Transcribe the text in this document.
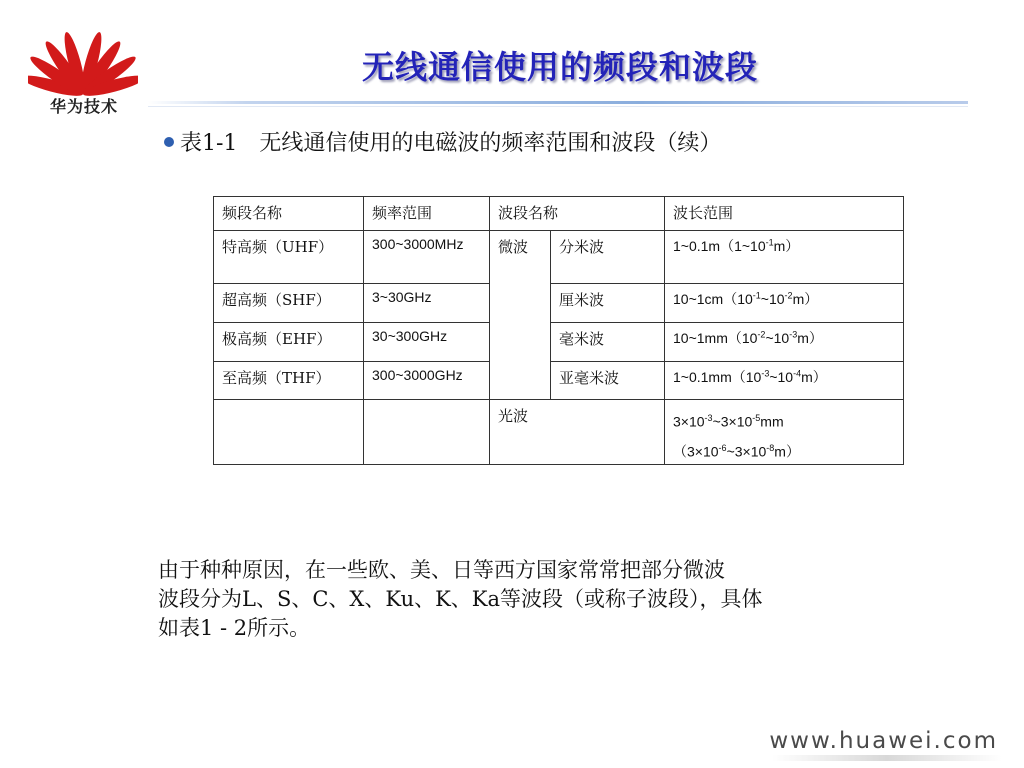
华为技术
无线通信使用的频段和波段
表1-1　无线通信使用的电磁波的频率范围和波段（续）
频段名称	频率范围	波段名称		波长范围
特高频（UHF）	300~3000MHz	微波	分米波	$1\sim 0.1m(1\sim 10^{-1}m)$
超高频（SHF）	3~30GHz		厘米波	$10\sim 1cm(10^{-1}\sim 10^{-2}m)$
极高频（EHF）	30~300GHz		毫米波	$10\sim 1mm(10^{-2}\sim 10^{-3}m)$
至高频（THF）	300~3000GHz		亚毫米波	$1\sim 0.1mm(10^{-3}\sim 10^{-4}m)$
		光波		$3\times 10^{-3}\sim 3\times 10^{-5}mm$
$(3\times 10^{-6}\sim 3\times 10^{-8}m)$
由于种种原因，在一些欧、美、日等西方国家常常把部分微波
波段分为L、S、C、X、Ku、K、Ka等波段（或称子波段），具体
如表1 - 2所示。
www.huawei.com
